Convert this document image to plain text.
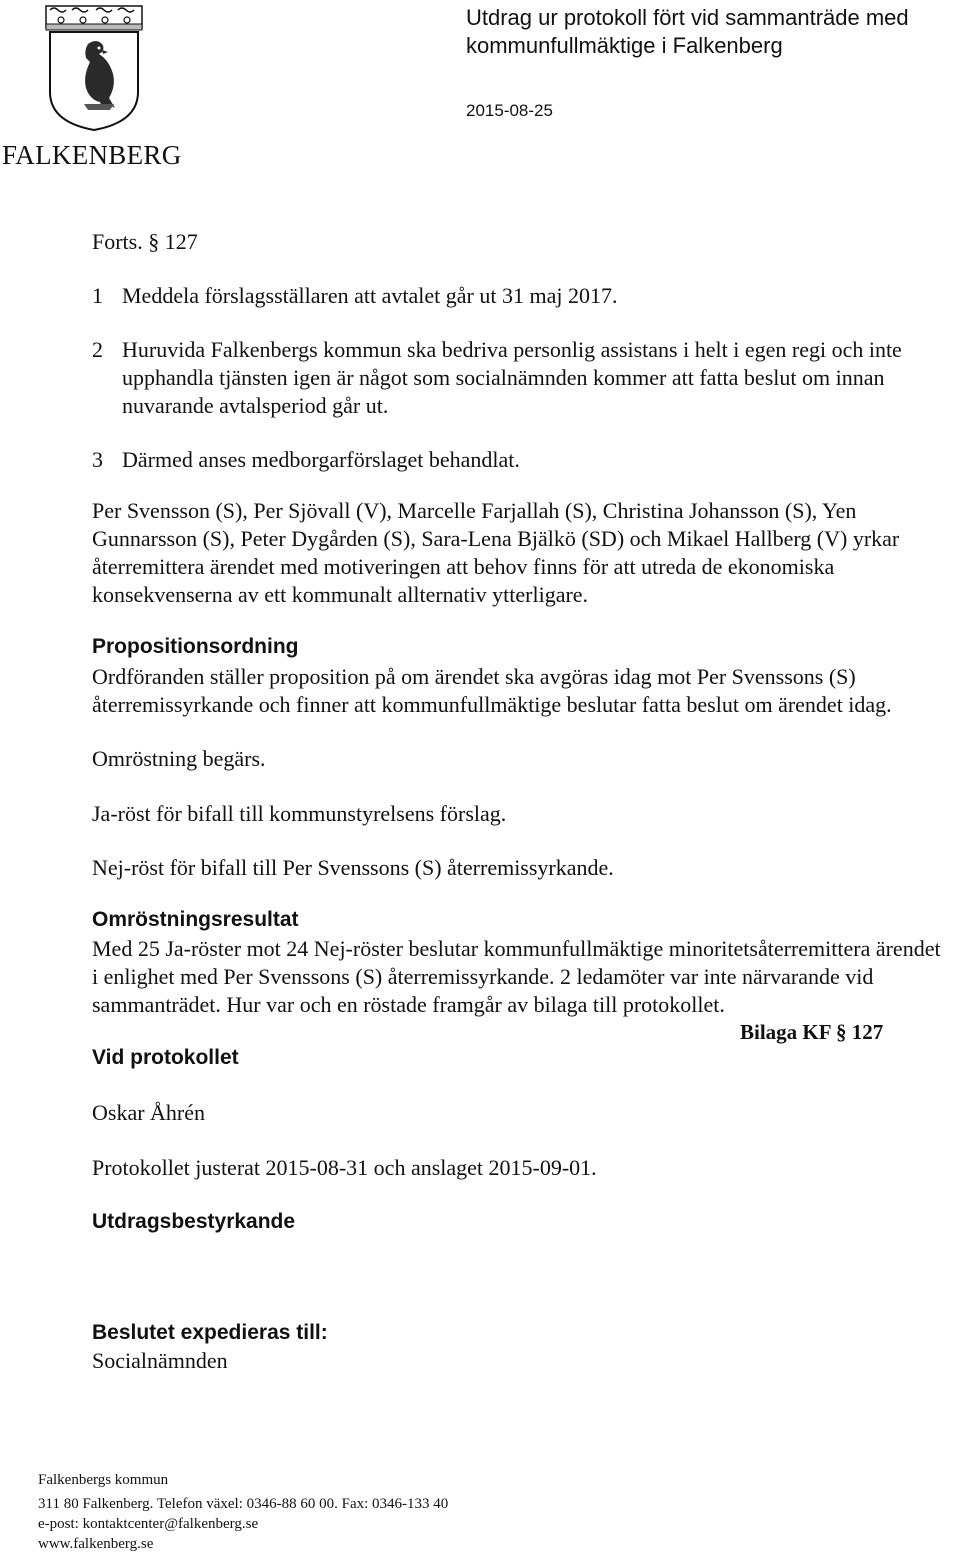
FALKENBERG
Utdrag ur protokoll fört vid sammanträde med
kommunfullmäktige i Falkenberg
2015-08-25
Forts. § 127
1 Meddela förslagsställaren att avtalet går ut 31 maj 2017.
2 Huruvida Falkenbergs kommun ska bedriva personlig assistans i helt i egen regi och inte upphandla tjänsten igen är något som socialnämnden kommer att fatta beslut om innan nuvarande avtalsperiod går ut.
3 Därmed anses medborgarförslaget behandlat.
Per Svensson (S), Per Sjövall (V), Marcelle Farjallah (S), Christina Johansson (S), Yen Gunnarsson (S), Peter Dygården (S), Sara-Lena Bjälkö (SD) och Mikael Hallberg (V) yrkar återremittera ärendet med motiveringen att behov finns för att utreda de ekonomiska konsekvenserna av ett kommunalt allternativ ytterligare.
Propositionsordning
Ordföranden ställer proposition på om ärendet ska avgöras idag mot Per Svenssons (S) återremissyrkande och finner att kommunfullmäktige beslutar fatta beslut om ärendet idag.
Omröstning begärs.
Ja-röst för bifall till kommunstyrelsens förslag.
Nej-röst för bifall till Per Svenssons (S) återremissyrkande.
Omröstningsresultat
Med 25 Ja-röster mot 24 Nej-röster beslutar kommunfullmäktige minoritetsåterremittera ärendet i enlighet med Per Svenssons (S) återremissyrkande. 2 ledamöter var inte närvarande vid sammanträdet. Hur var och en röstade framgår av bilaga till protokollet.
Bilaga KF § 127
Vid protokollet
Oskar Åhrén
Protokollet justerat 2015-08-31 och anslaget 2015-09-01.
Utdragsbestyrkande
Beslutet expedieras till:
Socialnämnden
Falkenbergs kommun
311 80 Falkenberg. Telefon växel: 0346-88 60 00. Fax: 0346-133 40
e-post: kontaktcenter@falkenberg.se
www.falkenberg.se
